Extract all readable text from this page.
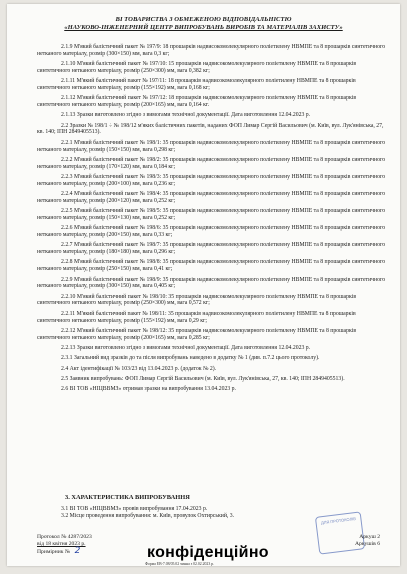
ВІ ТОВАРИСТВА З ОБМЕЖЕНОЮ ВІДПОВІДАЛЬНІСТЮ
«НАУКОВО-ІНЖЕНЕРНИЙ ЦЕНТР ВИПРОБУВАНЬ ВИРОБІВ ТА МАТЕРІАЛІВ ЗАХИСТУ»
2.1.9 М'який балістичний пакет № 197/9: 18 прошарків надвисокомолекулярного поліетилену НВМПЕ та 8 прошарків синтетичного нетканого матеріалу, розмір (300×150) мм, вага 0,3 кг;
2.1.10 М'який балістичний пакет № 197/10: 15 прошарків надвисокомолекулярного поліетилену НВМПЕ та 8 прошарків синтетичного нетканого матеріалу, розмір (250×300) мм, вага 0,382 кг;
2.1.11 М'який балістичний пакет № 197/11: 18 прошарків надвисокомолекулярного поліетилену НВМПЕ та 8 прошарків синтетичного нетканого матеріалу, розмір (155×192) мм, вага 0,168 кг;
2.1.12 М'який балістичний пакет № 197/12: 18 прошарків надвисокомолекулярного поліетилену НВМПЕ та 8 прошарків синтетичного нетканого матеріалу, розмір (200×165) мм, вага 0,164 кг.
2.1.13 Зразки виготовлено згідно з вимогами технічної документації. Дата виготовлення 12.04.2023 р.
2.2 Зразки № 198/1 ÷ № 198/12 м'яких балістичних пакетів, наданих ФОП Лимар Сергій Васильович (м. Київ, вул. Лук'янівська, 27, кв. 140; ІПН 2849405513).
2.2.1 М'який балістичний пакет № 198/1: 35 прошарків надвисокомолекулярного поліетилену НВМПЕ та 8 прошарків синтетичного нетканого матеріалу, розмір (150×150) мм, вага 0,298 кг;
2.2.2 М'який балістичний пакет № 198/2: 35 прошарків надвисокомолекулярного поліетилену НВМПЕ та 8 прошарків синтетичного нетканого матеріалу, розмір (170×120) мм, вага 0,184 кг;
2.2.3 М'який балістичний пакет № 198/3: 35 прошарків надвисокомолекулярного поліетилену НВМПЕ та 8 прошарків синтетичного нетканого матеріалу, розмір (200×100) мм, вага 0,236 кг;
2.2.4 М'який балістичний пакет № 198/4: 35 прошарків надвисокомолекулярного поліетилену НВМПЕ та 8 прошарків синтетичного нетканого матеріалу, розмір (200×120) мм, вага 0,252 кг;
2.2.5 М'який балістичний пакет № 198/5: 35 прошарків надвисокомолекулярного поліетилену НВМПЕ та 8 прошарків синтетичного нетканого матеріалу, розмір (150×130) мм, вага 0,252 кг;
2.2.6 М'який балістичний пакет № 198/6: 35 прошарків надвисокомолекулярного поліетилену НВМПЕ та 8 прошарків синтетичного нетканого матеріалу, розмір (200×150) мм, вага 0,33 кг;
2.2.7 М'який балістичний пакет № 198/7: 35 прошарків надвисокомолекулярного поліетилену НВМПЕ та 8 прошарків синтетичного нетканого матеріалу, розмір (180×180) мм, вага 0,296 кг;
2.2.8 М'який балістичний пакет № 198/8: 35 прошарків надвисокомолекулярного поліетилену НВМПЕ та 8 прошарків синтетичного нетканого матеріалу, розмір (250×150) мм, вага 0,41 кг;
2.2.9 М'який балістичний пакет № 198/9: 35 прошарків надвисокомолекулярного поліетилену НВМПЕ та 8 прошарків синтетичного нетканого матеріалу, розмір (300×150) мм, вага 0,405 кг;
2.2.10 М'який балістичний пакет № 198/10: 35 прошарків надвисокомолекулярного поліетилену НВМПЕ та 8 прошарків синтетичного нетканого матеріалу, розмір (250×300) мм, вага 0,572 кг;
2.2.11 М'який балістичний пакет № 198/11: 35 прошарків надвисокомолекулярного поліетилену НВМПЕ та 8 прошарків синтетичного нетканого матеріалу, розмір (155×192) мм, вага 0,29 кг;
2.2.12 М'який балістичний пакет № 198/12: 35 прошарків надвисокомолекулярного поліетилену НВМПЕ та 8 прошарків синтетичного нетканого матеріалу, розмір (200×165) мм, вага 0,285 кг;
2.2.13 Зразки виготовлено згідно з вимогами технічної документації. Дата виготовлення 12.04.2023 р.
2.3.1 Загальний вид зразків до та після випробувань наведено в додатку № 1 (див. п.7.2 цього протоколу).
2.4 Акт ідентифікації № 103/23 від 13.04.2023 р. (додаток № 2).
2.5 Заявник випробувань: ФОП Лимар Сергій Васильович (м. Київ, вул. Лук'янівська, 27, кв. 140; ІПН 2849405513).
2.6 ВІ ТОВ «НІЦВВМЗ» отримав зразки на випробування 13.04.2023 р.
3. ХАРАКТЕРИСТИКА ВИПРОБУВАННЯ
3.1 ВІ ТОВ «НІЦВВМЗ» провів випробування 17.04.2023 р.
3.2 Місце проведення випробування: м. Київ, провулок Охтирський, 3.	ДЛЯ ПРОТОКОЛІВ
Протокол № 4287/2023
від 18 квітня 2023 р.
Примірник № 2	конфіденційно
Форма ЕВ-7.08/05.02 чинна з 02.02.2023 р.
Аркуш 2
Аркушів 6
